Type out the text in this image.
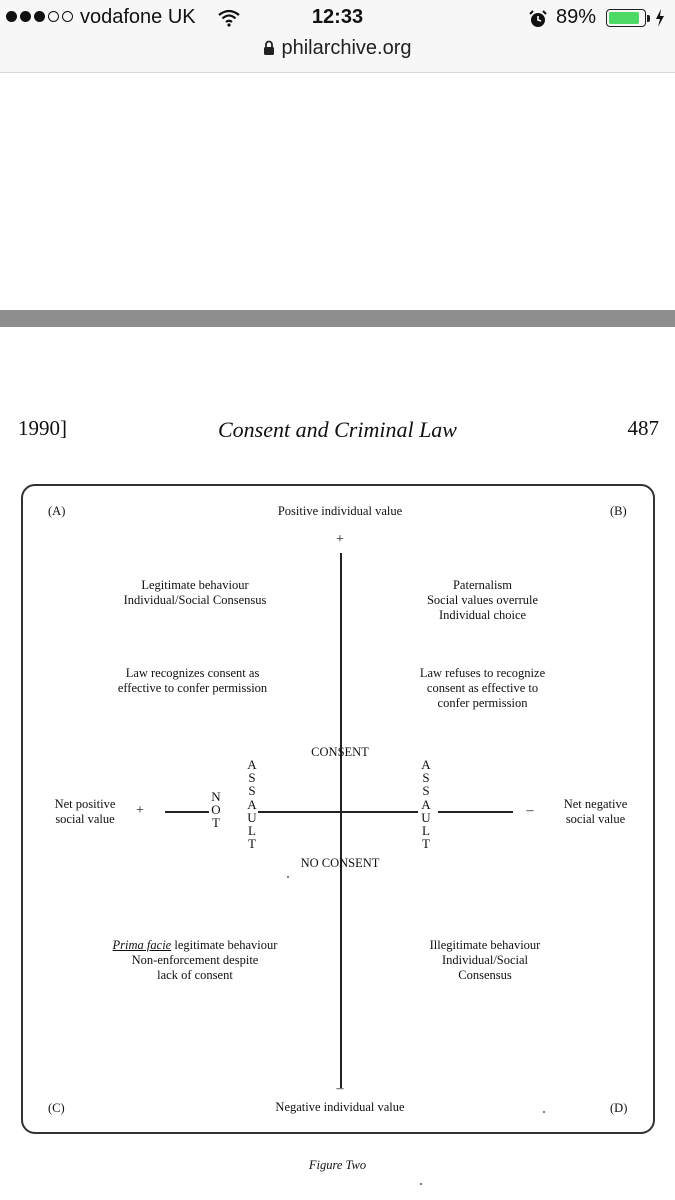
vodafone UK	12:33	89%
philarchive.org
1990]	Consent and Criminal Law	487
(A)	(B)
(C)	(D)
Positive individual value
+
–
Negative individual value
Net positive
social value
+	–	Net negative
social value
CONSENT
NO CONSENT
N
O
T
A
S
S
A
U
L
T
A
S
S
A
U
L
T
Legitimate behaviour
Individual/Social Consensus
Law recognizes consent as
effective to confer permission
Paternalism
Social values overrule
Individual choice
Law refuses to recognize
consent as effective to
confer permission
Prima facie legitimate behaviour
Non-enforcement despite
lack of consent
Illegitimate behaviour
Individual/Social
Consensus
Figure Two
